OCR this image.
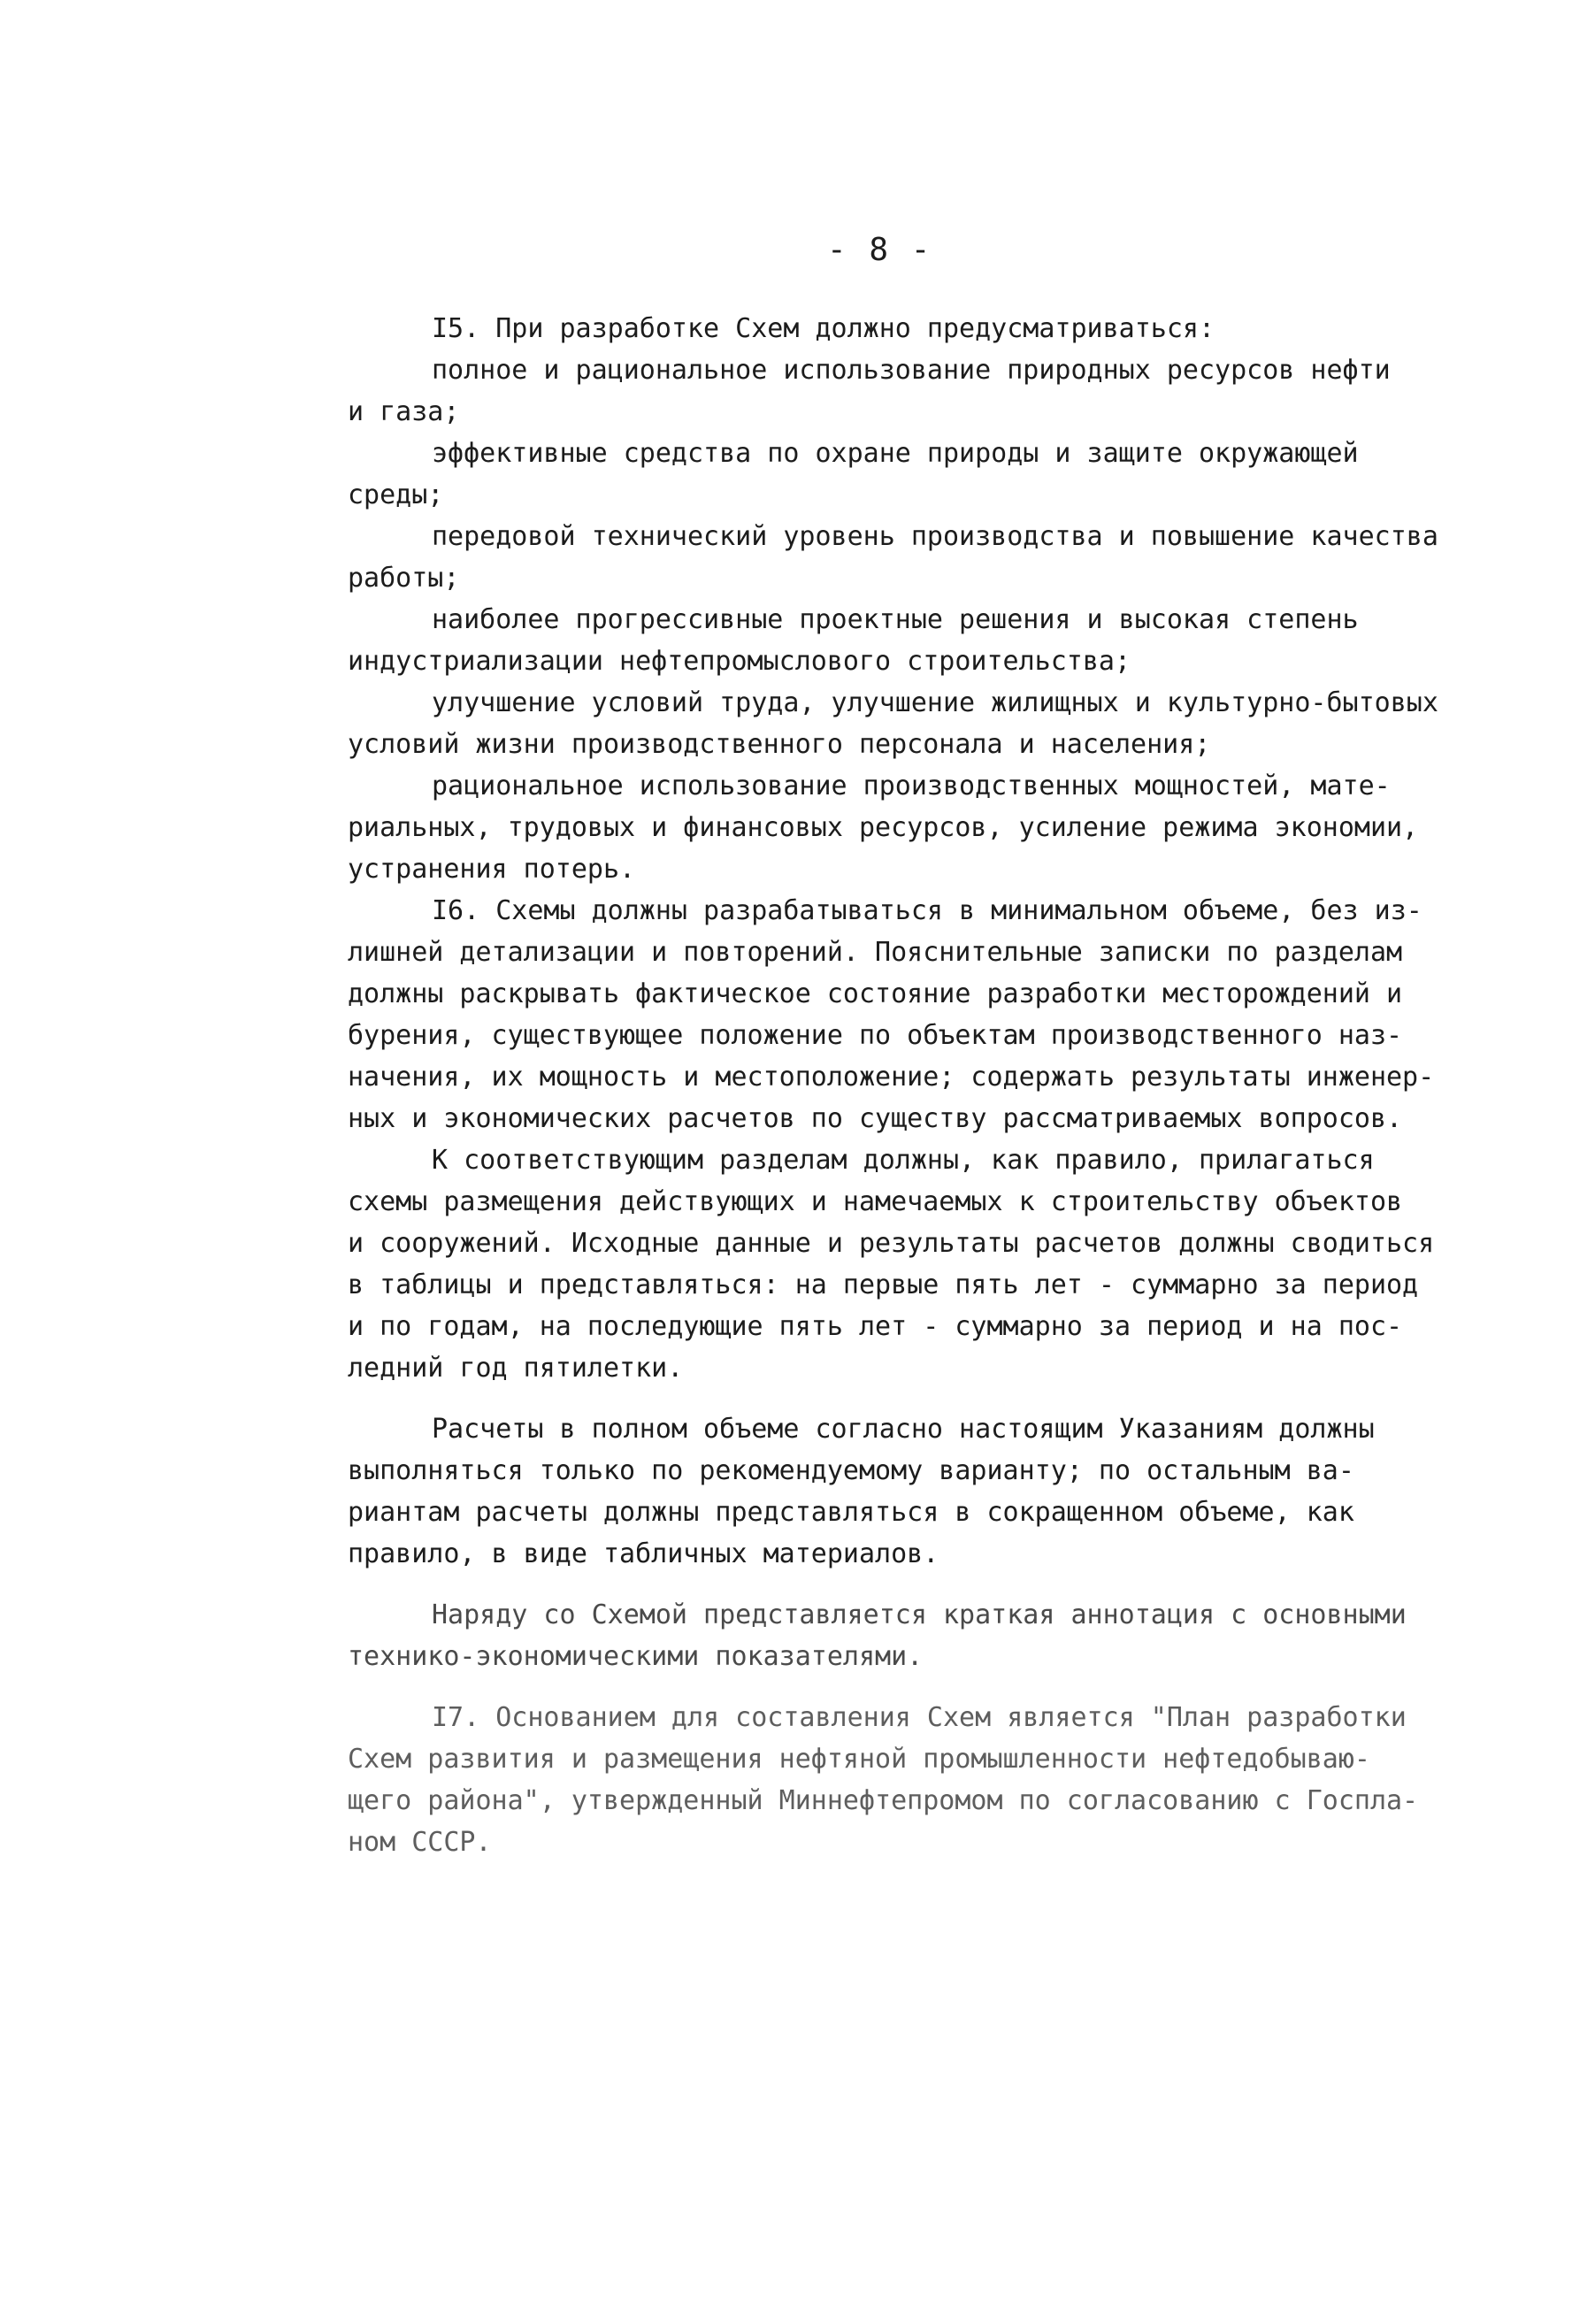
- 8 -
I5. При разработке Схем должно предусматриваться:
полное и рациональное использование природных ресурсов нефти
и газа;
эффективные средства по охране природы и защите окружающей
среды;
передовой технический уровень производства и повышение качества
работы;
наиболее прогрессивные проектные решения и высокая степень
индустриализации нефтепромыслового строительства;
улучшение условий труда, улучшение жилищных и культурно-бытовых
условий жизни производственного персонала и населения;
рациональное использование производственных мощностей, мате-
риальных, трудовых и финансовых ресурсов, усиление режима экономии,
устранения потерь.
I6. Схемы должны разрабатываться в минимальном объеме, без из-
лишней детализации и повторений. Пояснительные записки по разделам
должны раскрывать фактическое состояние разработки месторождений и
бурения, существующее положение по объектам производственного наз-
начения, их мощность и местоположение; содержать результаты инженер-
ных и экономических расчетов по существу рассматриваемых вопросов.
К соответствующим разделам должны, как правило, прилагаться
схемы размещения действующих и намечаемых к строительству объектов
и сооружений. Исходные данные и результаты расчетов должны сводиться
в таблицы и представляться: на первые пять лет - суммарно за период
и по годам, на последующие пять лет - суммарно за период и на пос-
ледний год пятилетки.
Расчеты в полном объеме согласно настоящим Указаниям должны
выполняться только по рекомендуемому варианту; по остальным ва-
риантам расчеты должны представляться в сокращенном объеме, как
правило, в виде табличных материалов.
Наряду со Схемой представляется краткая аннотация с основными
технико-экономическими показателями.
I7. Основанием для составления Схем является "План разработки
Схем развития и размещения нефтяной промышленности нефтедобываю-
щего района", утвержденный Миннефтепромом по согласованию с Госпла-
ном СССР.
